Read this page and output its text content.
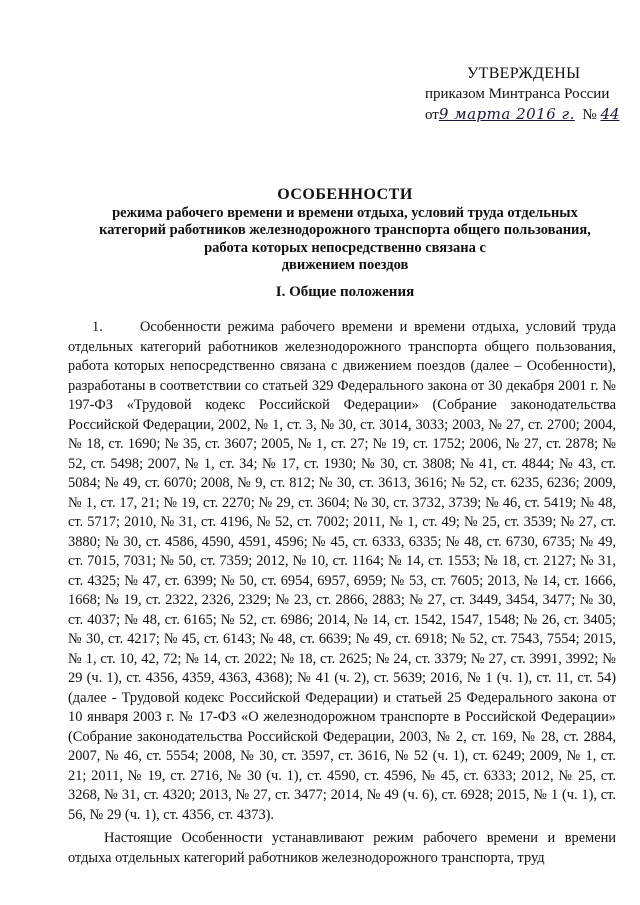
УТВЕРЖДЕНЫ
приказом Минтранса России
от9 марта 2016 г. № 44
ОСОБЕННОСТИ
режима рабочего времени и времени отдыха, условий труда отдельных
категорий работников железнодорожного транспорта общего пользования,
работа которых непосредственно связана с
движением поездов
I. Общие положения

1.	Особенности режима рабочего времени и времени отдыха, условий труда отдельных категорий работников железнодорожного транспорта общего пользования, работа которых непосредственно связана с движением поездов (далее – Особенности), разработаны в соответствии со статьей 329 Федерального закона от 30 декабря 2001 г. № 197-ФЗ «Трудовой кодекс Российской Федерации» (Собрание законодательства Российской Федерации, 2002, № 1, ст. 3, № 30, ст. 3014, 3033; 2003, № 27, ст. 2700; 2004, № 18, ст. 1690; № 35, ст. 3607; 2005, № 1, ст. 27; № 19, ст. 1752; 2006, № 27, ст. 2878; № 52, ст. 5498; 2007, № 1, ст. 34; № 17, ст. 1930; № 30, ст. 3808; № 41, ст. 4844; № 43, ст. 5084; № 49, ст. 6070; 2008, № 9, ст. 812; № 30, ст. 3613, 3616; № 52, ст. 6235, 6236; 2009, № 1, ст. 17, 21; № 19, ст. 2270; № 29, ст. 3604; № 30, ст. 3732, 3739; № 46, ст. 5419; № 48, ст. 5717; 2010, № 31, ст. 4196, № 52, ст. 7002; 2011, № 1, ст. 49; № 25, ст. 3539; № 27, ст. 3880; № 30, ст. 4586, 4590, 4591, 4596; № 45, ст. 6333, 6335; № 48, ст. 6730, 6735; № 49, ст. 7015, 7031; № 50, ст. 7359; 2012, № 10, ст. 1164; № 14, ст. 1553; № 18, ст. 2127; № 31, ст. 4325; № 47, ст. 6399; № 50, ст. 6954, 6957, 6959; № 53, ст. 7605; 2013, № 14, ст. 1666, 1668; № 19, ст. 2322, 2326, 2329; № 23, ст. 2866, 2883; № 27, ст. 3449, 3454, 3477; № 30, ст. 4037; № 48, ст. 6165; № 52, ст. 6986; 2014, № 14, ст. 1542, 1547, 1548; № 26, ст. 3405; № 30, ст. 4217; № 45, ст. 6143; № 48, ст. 6639; № 49, ст. 6918; № 52, ст. 7543, 7554; 2015, № 1, ст. 10, 42, 72; № 14, ст. 2022; № 18, ст. 2625; № 24, ст. 3379; № 27, ст. 3991, 3992; № 29 (ч. 1), ст. 4356, 4359, 4363, 4368); № 41 (ч. 2), ст. 5639; 2016, № 1 (ч. 1), ст. 11, ст. 54) (далее - Трудовой кодекс Российской Федерации) и статьей 25 Федерального закона от 10 января 2003 г. № 17-ФЗ «О железнодорожном транспорте в Российской Федерации» (Собрание законодательства Российской Федерации, 2003, № 2, ст. 169, № 28, ст. 2884, 2007, № 46, ст. 5554; 2008, № 30, ст. 3597, ст. 3616, № 52 (ч. 1), ст. 6249; 2009, № 1, ст. 21; 2011, № 19, ст. 2716, № 30 (ч. 1), ст. 4590, ст. 4596, № 45, ст. 6333; 2012, № 25, ст. 3268, № 31, ст. 4320; 2013, № 27, ст. 3477; 2014, № 49 (ч. 6), ст. 6928; 2015, № 1 (ч. 1), ст. 56, № 29 (ч. 1), ст. 4356, ст. 4373).

Настоящие Особенности устанавливают режим рабочего времени и времени отдыха отдельных категорий работников железнодорожного транспорта, труд
